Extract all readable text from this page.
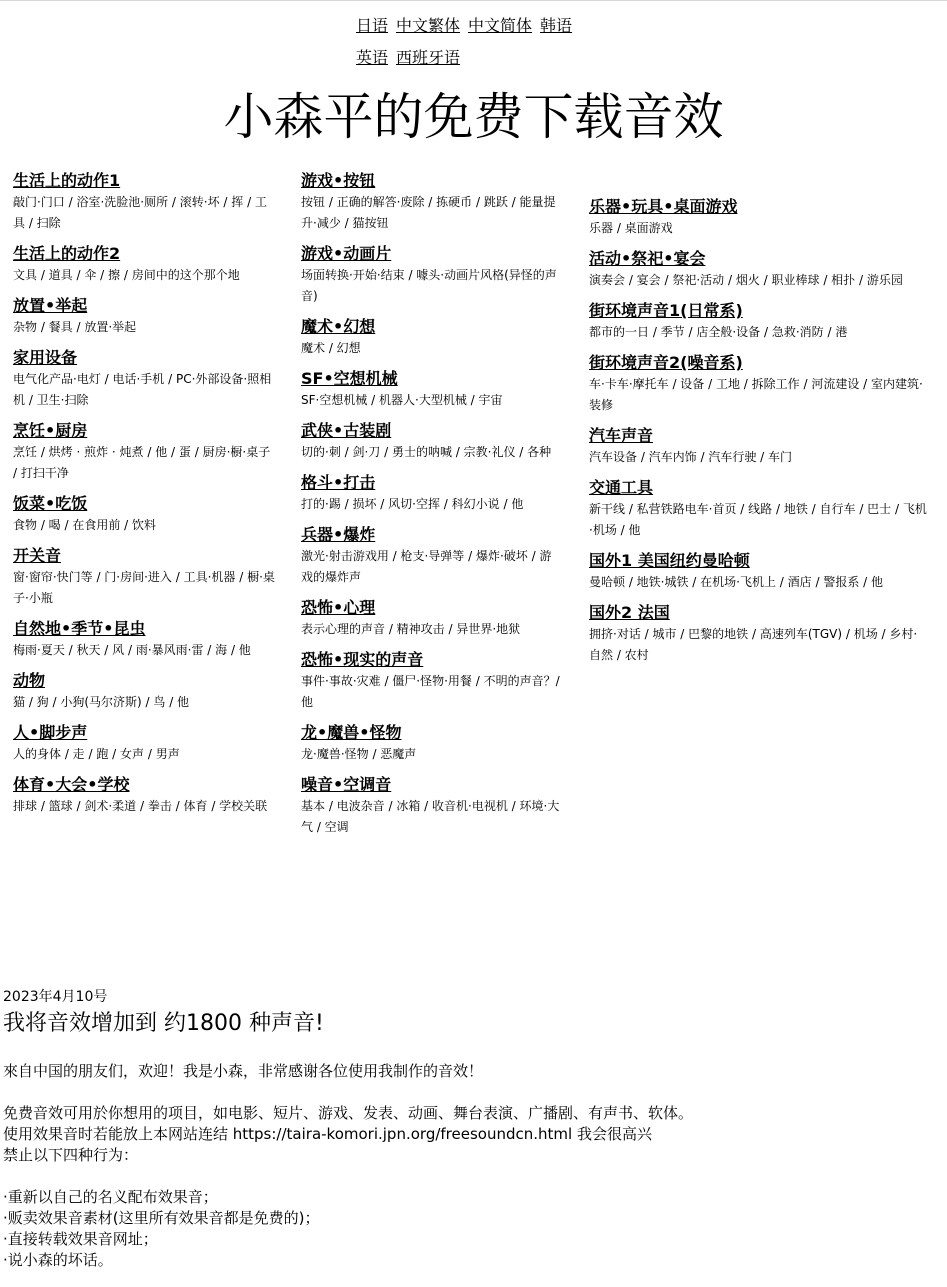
日语 中文繁体 中文简体 韩语
英语 西班牙语
小森平的免费下载音效
生活上的动作1
敲门·门口 / 浴室·洗脸池·厕所 / 滚转·坏 / 挥 / 工具 / 扫除
生活上的动作2
文具 / 道具 / 伞 / 擦 / 房间中的这个那个地
放置•举起
杂物 / 餐具 / 放置·举起
家用设备
电气化产品·电灯 / 电话·手机 / PC·外部设备·照相机 / 卫生·扫除
烹饪•厨房
烹饪 / 烘烤 · 煎炸 · 炖煮 / 他 / 蛋 / 厨房·橱·桌子 / 打扫干净
饭菜•吃饭
食物 / 喝 / 在食用前 / 饮料
开关音
窗·窗帘·快门等 / 门·房间·进入 / 工具·机器 / 橱·桌子·小瓶
自然地•季节•昆虫
梅雨·夏天 / 秋天 / 风 / 雨·暴风雨·雷 / 海 / 他
动物
猫 / 狗 / 小狗(马尔济斯) / 鸟 / 他
人•脚步声
人的身体 / 走 / 跑 / 女声 / 男声
体育•大会•学校
排球 / 篮球 / 剑术·柔道 / 拳击 / 体育 / 学校关联
游戏•按钮
按钮 / 正确的解答·废除 / 拣硬币 / 跳跃 / 能量提升·减少 / 猫按钮
游戏•动画片
场面转换·开始·结束 / 噱头·动画片风格(异怪的声音)
魔术•幻想
魔术 / 幻想
SF•空想机械
SF·空想机械 / 机器人·大型机械 / 宇宙
武侠•古装剧
切的·刺 / 剑·刀 / 勇士的呐喊 / 宗教·礼仪 / 各种
格斗•打击
打的·踢 / 损坏 / 风切·空挥 / 科幻小说 / 他
兵器•爆炸
激光·射击游戏用 / 枪支·导弹等 / 爆炸·破坏 / 游戏的爆炸声
恐怖•心理
表示心理的声音 / 精神攻击 / 异世界·地狱
恐怖•现实的声音
事件·事故·灾难 / 僵尸·怪物·用餐 / 不明的声音？/ 他
龙•魔兽•怪物
龙·魔兽·怪物 / 恶魔声
噪音•空调音
基本 / 电波杂音 / 冰箱 / 收音机·电视机 / 环境·大气 / 空调
乐器•玩具•桌面游戏
乐器 / 桌面游戏
活动•祭祀•宴会
演奏会 / 宴会 / 祭祀·活动 / 烟火 / 职业棒球 / 相扑 / 游乐园
街环境声音1(日常系)
都市的一日 / 季节 / 店全般·设备 / 急救·消防 / 港
街环境声音2(噪音系)
车·卡车·摩托车 / 设备 / 工地 / 拆除工作 / 河流建设 / 室内建筑·装修
汽车声音
汽车设备 / 汽车内饰 / 汽车行驶 / 车门
交通工具
新干线 / 私营铁路电车·首页 / 线路 / 地铁 / 自行车 / 巴士 / 飞机·机场 / 他
国外1 美国纽约曼哈顿
曼哈顿 / 地铁·城铁 / 在机场·飞机上 / 酒店 / 警报系 / 他
国外2 法国
拥挤·对话 / 城市 / 巴黎的地铁 / 高速列车(TGV) / 机场 / 乡村·自然 / 农村
2023年4月10号
我将音效增加到 约1800 种声音!
來自中国的朋友们，欢迎！我是小森，非常感谢各位使用我制作的音效！
免费音效可用於你想用的项目，如电影、短片、游戏、发表、动画、舞台表演、广播剧、有声书、软体。
使用效果音时若能放上本网站连结 https://taira-komori.jpn.org/freesoundcn.html 我会很高兴
禁止以下四种行为：
·重新以自己的名义配布效果音；
·贩卖效果音素材(这里所有效果音都是免费的)；
·直接转载效果音网址；
·说小森的坏话。
